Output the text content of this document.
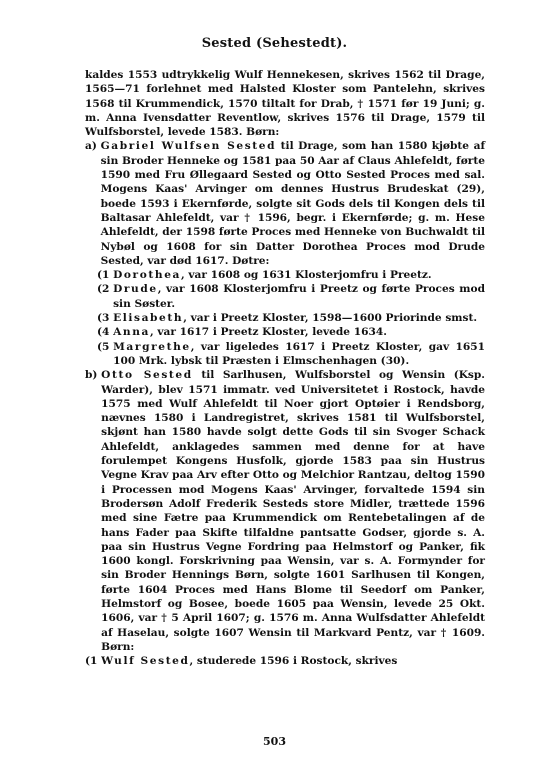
Sested (Sehestedt).

kaldes 1553 udtrykkelig Wulf Hennekesen, skrives 1562 til Drage, 1565—71 forlehnet med Halsted Kloster som Pantelehn, skrives 1568 til Krummendick, 1570 tiltalt for Drab, † 1571 før 19 Juni; g. m. Anna Ivensdatter Reventlow, skrives 1576 til Drage, 1579 til Wulfsborstel, levede 1583. Børn:

a)
Gabriel Wulfsen Sested til Drage, som han 1580 kjøbte af sin Broder Henneke og 1581 paa 50 Aar af Claus Ahlefeldt, førte 1590 med Fru Øllegaard Sested og Otto Sested Proces med sal. Mogens Kaas' Arvinger om dennes Hustrus Brudeskat (29), boede 1593 i Ekernførde, solgte sit Gods dels til Kongen dels til Baltasar Ahlefeldt, var † 1596, begr. i Ekernførde; g. m. Hese Ahlefeldt, der 1598 førte Proces med Henneke von Buchwaldt til Nybøl og 1608 for sin Datter Dorothea Proces mod Drude Sested, var død 1617. Døtre:
(1
Dorothea, var 1608 og 1631 Klosterjomfru i Preetz.
(2
Drude, var 1608 Klosterjomfru i Preetz og førte Proces mod sin Søster.
(3
Elisabeth, var i Preetz Kloster, 1598—1600 Priorinde smst.
(4
Anna, var 1617 i Preetz Kloster, levede 1634.
(5
Margrethe, var ligeledes 1617 i Preetz Kloster, gav 1651 100 Mrk. lybsk til Præsten i Elmschenhagen (30).
b)
Otto Sested til Sarlhusen, Wulfsborstel og Wensin (Ksp. Warder), blev 1571 immatr. ved Universitetet i Rostock, havde 1575 med Wulf Ahlefeldt til Noer gjort Optøier i Rendsborg, nævnes 1580 i Landregistret, skrives 1581 til Wulfsborstel, skjønt han 1580 havde solgt dette Gods til sin Svoger Schack Ahlefeldt, anklagedes sammen med denne for at have forulempet Kongens Husfolk, gjorde 1583 paa sin Hustrus Vegne Krav paa Arv efter Otto og Melchior Rantzau, deltog 1590 i Processen mod Mogens Kaas' Arvinger, forvaltede 1594 sin Brodersøn Adolf Frederik Sesteds store Midler, trættede 1596 med sine Fætre paa Krummendick om Rentebetalingen af de hans Fader paa Skifte tilfaldne pantsatte Godser, gjorde s. A. paa sin Hustrus Vegne Fordring paa Helmstorf og Panker, fik 1600 kongl. Forskrivning paa Wensin, var s. A. Formynder for sin Broder Hennings Børn, solgte 1601 Sarlhusen til Kongen, førte 1604 Proces med Hans Blome til Seedorf om Panker, Helmstorf og Bosee, boede 1605 paa Wensin, levede 25 Okt. 1606, var † 5 April 1607; g. 1576 m. Anna Wulfsdatter Ahlefeldt af Haselau, solgte 1607 Wensin til Markvard Pentz, var † 1609. Børn:
(1
Wulf Sested, studerede 1596 i Rostock, skrives
503
